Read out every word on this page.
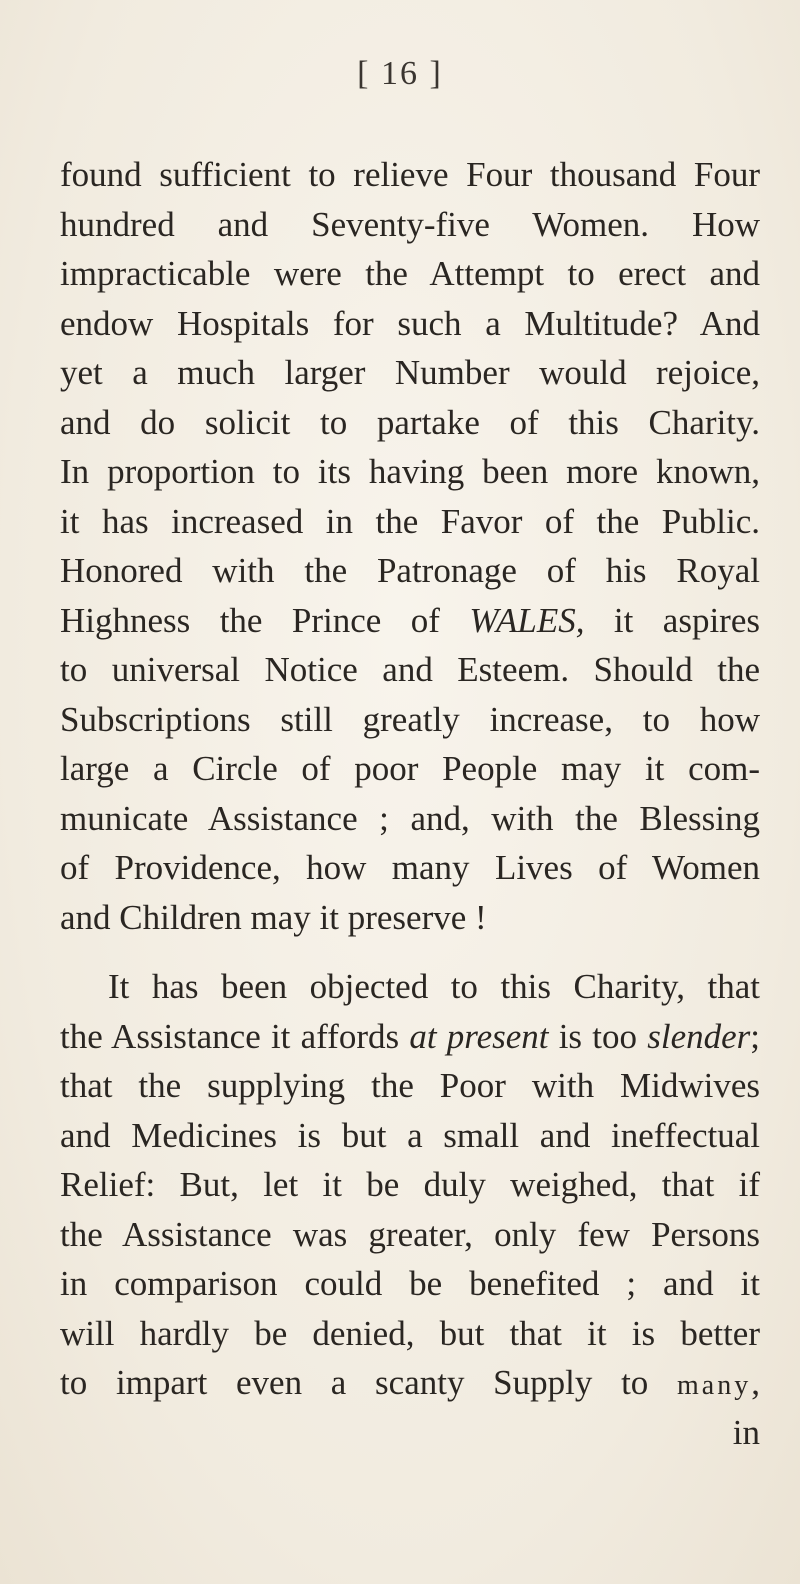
[ 16 ]
found sufficient to relieve Four thousand Four
hundred and Seventy-five Women. How
impracticable were the Attempt to erect and
endow Hospitals for such a Multitude? And
yet a much larger Number would rejoice,
and do solicit to partake of this Charity.
In proportion to its having been more known,
it has increased in the Favor of the Public.
Honored with the Patronage of his Royal
Highness the Prince of WALES, it aspires
to universal Notice and Esteem. Should the
Subscriptions still greatly increase, to how
large a Circle of poor People may it com-
municate Assistance ; and, with the Blessing
of Providence, how many Lives of Women
and Children may it preserve !
It has been objected to this Charity, that
the Assistance it affords at present is too slender;
that the supplying the Poor with Midwives
and Medicines is but a small and ineffectual
Relief: But, let it be duly weighed, that if
the Assistance was greater, only few Persons
in comparison could be benefited ; and it
will hardly be denied, but that it is better
to impart even a scanty Supply to many,
in
